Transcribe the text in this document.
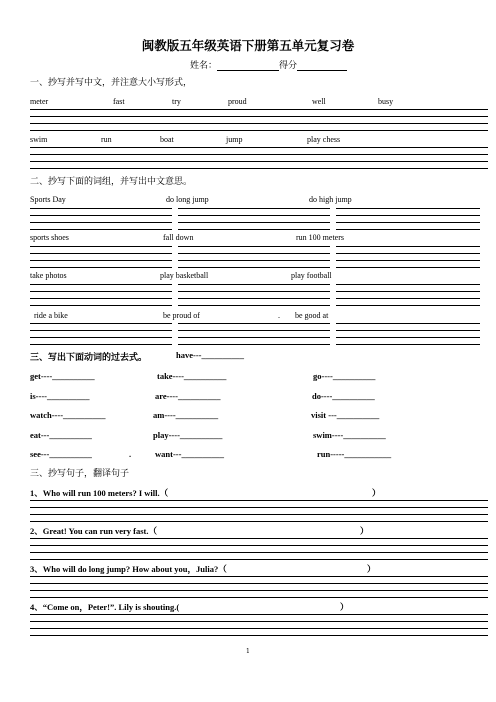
闽教版五年级英语下册第五单元复习卷
姓名：	得分
一、抄写并写中文，并注意大小写形式，
meter	fast	try	proud	well	busy
swim	run	boat	jump	play chess
二、抄写下面的词组，并写出中文意思。
Sports Day	do long jump	do high jump
sports shoes	fall down	run 100 meters
take photos	play basketball	play football
ride a bike	be proud of	. be good at
三、写出下面动词的过去式。	have---__________
get----__________	take----__________	go----__________
is----__________	are----__________	do----__________
watch----__________	am----__________	visit ---__________
eat---__________	play----__________	swim----__________
see---__________	.	want---__________	run-----___________
三、抄写句子，翻译句子
1、Who will run 100 meters? I will.（	）
2、Great! You can run very fast.（	）
3、Who will do long jump? How about you，Julia?（	）
4、“Come on，Peter!”. Lily is shouting.(	）
1
